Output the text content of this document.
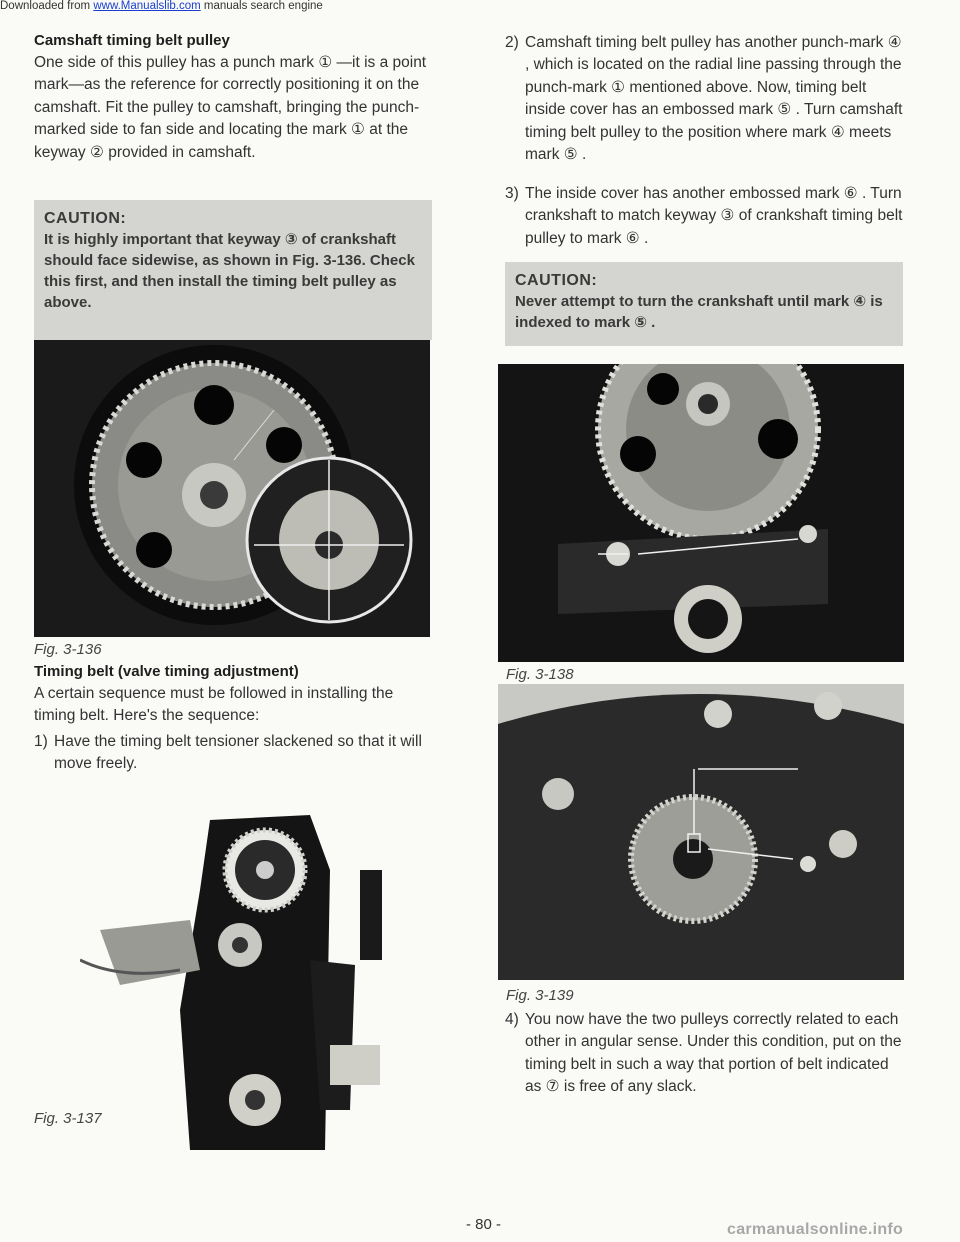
Downloaded from www.Manualslib.com manuals search engine
Camshaft timing belt pulley

One side of this pulley has a punch mark ① —it is a point mark—as the reference for correctly positioning it on the camshaft. Fit the pulley to camshaft, bringing the punch-marked side to fan side and locating the mark ① at the keyway ② provided in camshaft.

CAUTION:
It is highly important that keyway ③ of crankshaft should face sidewise, as shown in Fig. 3-136. Check this first, and then install the timing belt pulley as above.
Fig. 3-136
Timing belt (valve timing adjustment)

A certain sequence must be followed in installing the timing belt. Here's the sequence:

1) Have the timing belt tensioner slackened so that it will move freely.
Fig. 3-137
2) Camshaft timing belt pulley has another punch-mark ④ , which is located on the radial line passing through the punch-mark ① mentioned above. Now, timing belt inside cover has an embossed mark ⑤ . Turn camshaft timing belt pulley to the position where mark ④ meets mark ⑤ .
3) The inside cover has another embossed mark ⑥ . Turn crankshaft to match keyway ③ of crankshaft timing belt pulley to mark ⑥ .
CAUTION:
Never attempt to turn the crankshaft until mark ④ is indexed to mark ⑤ .
Fig. 3-138
Fig. 3-139
4) You now have the two pulleys correctly related to each other in angular sense. Under this condition, put on the timing belt in such a way that portion of belt indicated as ⑦ is free of any slack.
- 80 -	carmanualsonline.info
